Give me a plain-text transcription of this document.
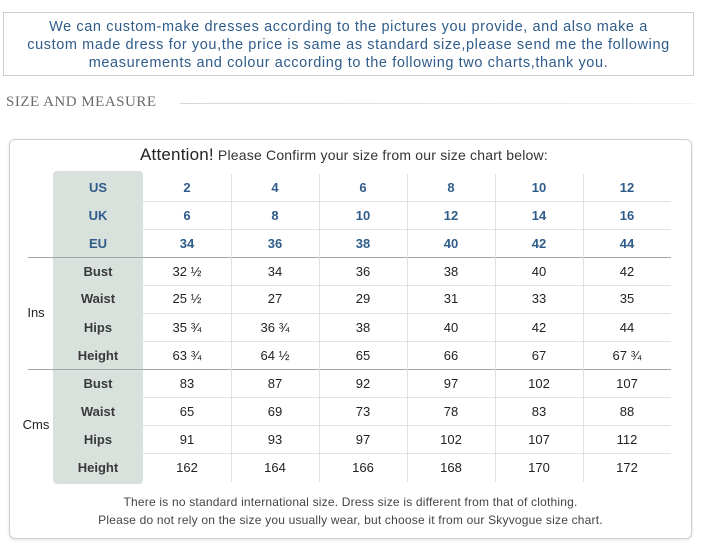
We can custom-make dresses according to the pictures you provide, and also make a
custom made dress for you,the price is same as standard size,please send me the following
measurements and colour according to the following two charts,thank you.
SIZE AND MEASURE
Attention! Please Confirm your size from our size chart below:
US	2	4	6	8	10	12
UK	6	8	10	12	14	16
EU	34	36	38	40	42	44
Ins
Bust	32 ½	34	36	38	40	42
Waist	25 ½	27	29	31	33	35
Hips	35 ¾	36 ¾	38	40	42	44
Height	63 ¾	64 ½	65	66	67	67 ¾
Cms
Bust	83	87	92	97	102	107
Waist	65	69	73	78	83	88
Hips	91	93	97	102	107	112
Height	162	164	166	168	170	172
There is no standard international size. Dress size is different from that of clothing.
Please do not rely on the size you usually wear, but choose it from our Skyvogue size chart.
